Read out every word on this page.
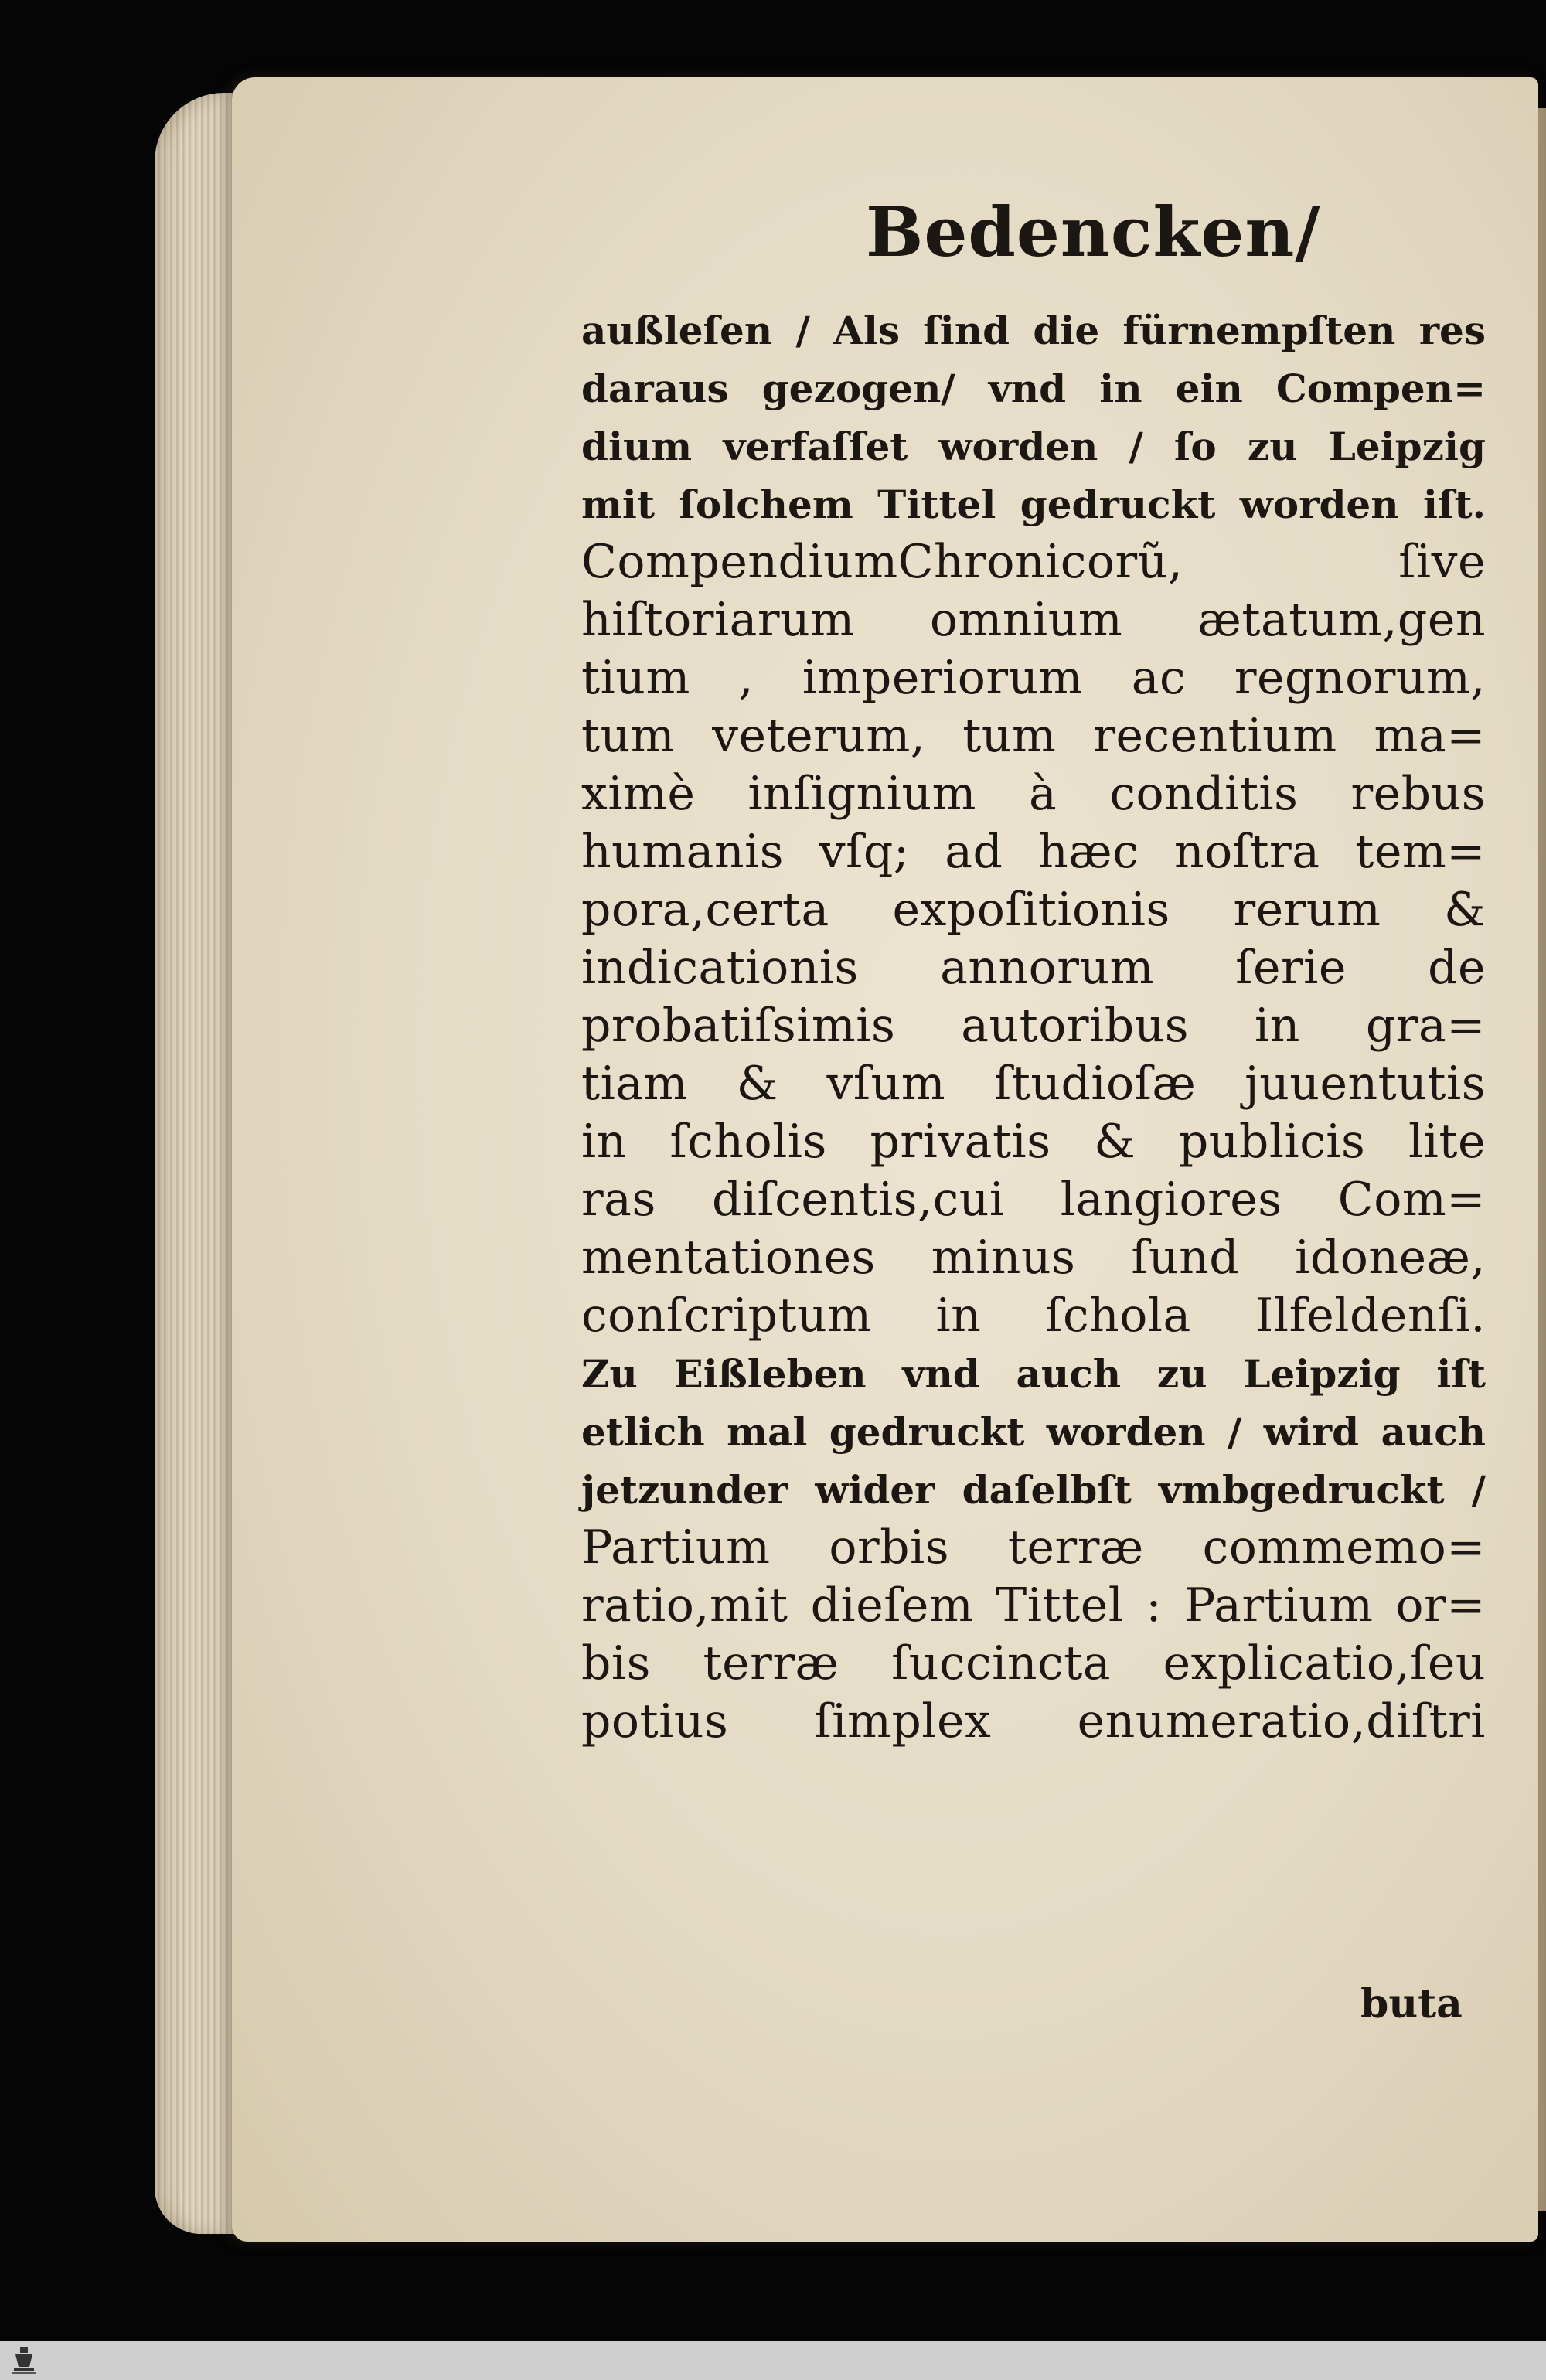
Bedencken/
außleſen / Als ſind die fürnempſten res
daraus gezogen/ vnd in ein Compen=
dium verfaſſet worden / ſo zu Leipzig
mit ſolchem Tittel gedruckt worden iſt.
CompendiumChronicorũ, ſive
hiſtoriarum omnium ætatum,gen
tium , imperiorum ac regnorum,
tum veterum, tum recentium ma=
ximè inſignium à conditis rebus
humanis vſq; ad hæc noſtra tem=
pora,certa expoſitionis rerum &
indicationis annorum ſerie de
probatiſsimis autoribus in gra=
tiam & vſum ſtudioſæ juuentutis
in ſcholis privatis & publicis lite
ras diſcentis,cui langiores Com=
mentationes minus ſund idoneæ,
conſcriptum in ſchola Ilfeldenſi.
Zu Eißleben vnd auch zu Leipzig iſt
etlich mal gedruckt worden / wird auch
jetzunder wider daſelbſt vmbgedruckt /
Partium orbis terræ commemo=
ratio,mit dieſem Tittel : Partium or=
bis terræ ſuccincta explicatio,ſeu
potius ſimplex enumeratio,diſtri
buta
